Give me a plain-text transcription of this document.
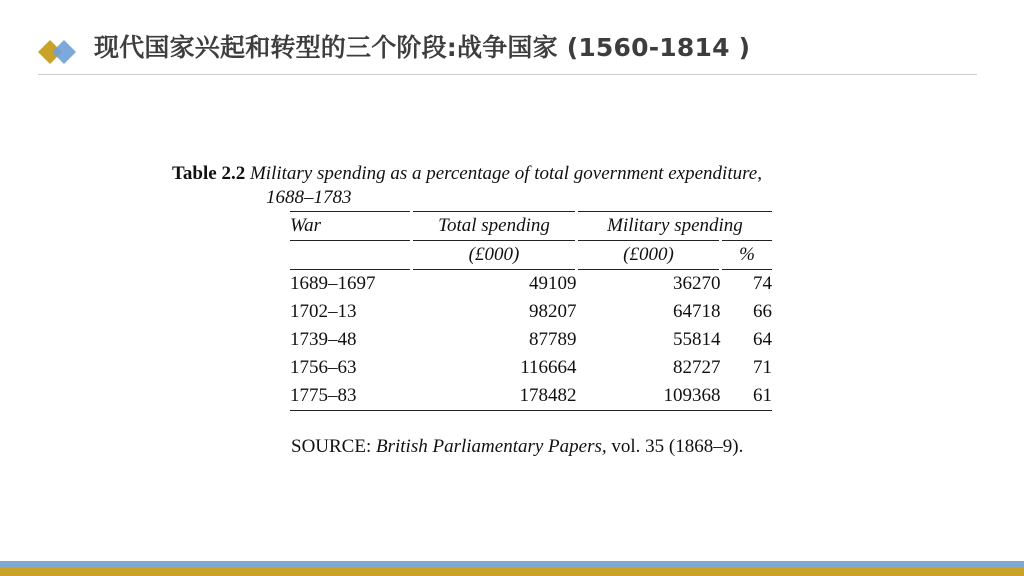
现代国家兴起和转型的三个阶段:战争国家 (1560-1814 )
Table 2.2 Military spending as a percentage of total government expenditure,
1688–1783
War	Total spending	Military spending	
	(£000)	(£000)	%
1689–1697	49109	36270	74
1702–13	98207	64718	66
1739–48	87789	55814	64
1756–63	116664	82727	71
1775–83	178482	109368	61
SOURCE: British Parliamentary Papers, vol. 35 (1868–9).
